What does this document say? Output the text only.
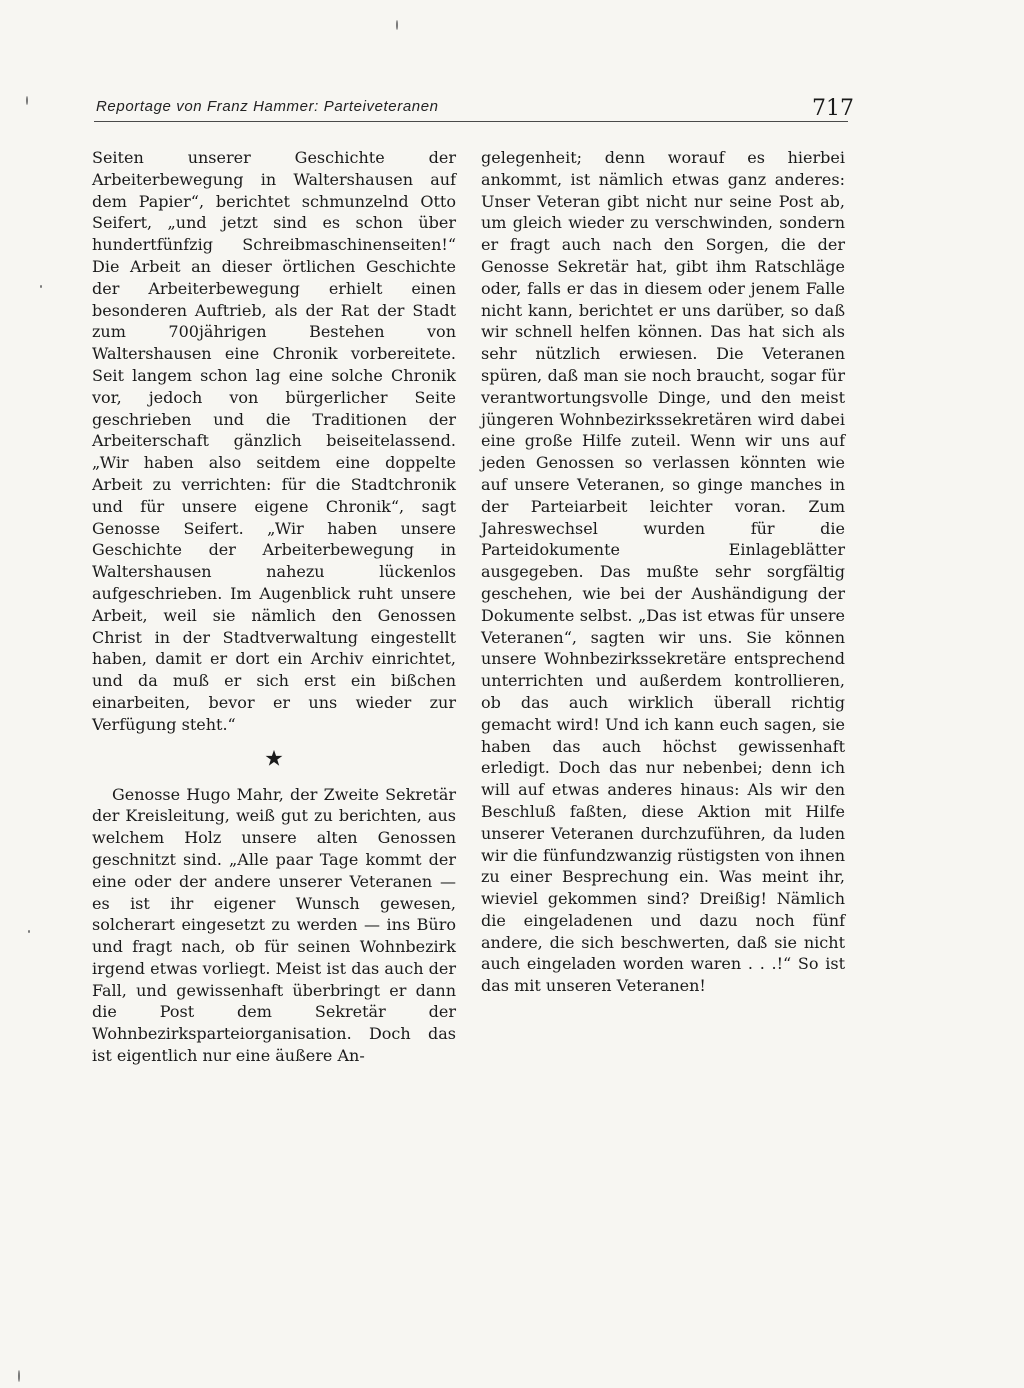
Reportage von Franz Hammer: Parteiveteranen	717

Seiten unserer Geschichte der Arbeiterbewegung in Waltershausen auf dem Papier“, berichtet schmunzelnd Otto Seifert, „und jetzt sind es schon über hundertfünfzig Schreibmaschinenseiten!“ Die Arbeit an dieser örtlichen Geschichte der Arbeiterbewegung erhielt einen besonderen Auftrieb, als der Rat der Stadt zum 700jährigen Bestehen von Waltershausen eine Chronik vorbereitete. Seit langem schon lag eine solche Chronik vor, jedoch von bürgerlicher Seite geschrieben und die Traditionen der Arbeiterschaft gänzlich beiseitelassend. „Wir haben also seitdem eine doppelte Arbeit zu verrichten: für die Stadtchronik und für unsere eigene Chronik“, sagt Genosse Seifert. „Wir haben unsere Geschichte der Arbeiterbewegung in Waltershausen nahezu lückenlos aufgeschrieben. Im Augenblick ruht unsere Arbeit, weil sie nämlich den Genossen Christ in der Stadtverwaltung eingestellt haben, damit er dort ein Archiv einrichtet, und da muß er sich erst ein bißchen einarbeiten, bevor er uns wieder zur Verfügung steht.“

Genosse Hugo Mahr, der Zweite Sekretär der Kreisleitung, weiß gut zu berichten, aus welchem Holz unsere alten Genossen geschnitzt sind. „Alle paar Tage kommt der eine oder der andere unserer Veteranen — es ist ihr eigener Wunsch gewesen, solcherart eingesetzt zu werden — ins Büro und fragt nach, ob für seinen Wohnbezirk irgend etwas vorliegt. Meist ist das auch der Fall, und gewissenhaft überbringt er dann die Post dem Sekretär der Wohnbezirksparteiorganisation. Doch das ist eigentlich nur eine äußere An-

gelegenheit; denn worauf es hierbei ankommt, ist nämlich etwas ganz anderes: Unser Veteran gibt nicht nur seine Post ab, um gleich wieder zu verschwinden, sondern er fragt auch nach den Sorgen, die der Genosse Sekretär hat, gibt ihm Ratschläge oder, falls er das in diesem oder jenem Falle nicht kann, berichtet er uns darüber, so daß wir schnell helfen können. Das hat sich als sehr nützlich erwiesen. Die Veteranen spüren, daß man sie noch braucht, sogar für verantwortungsvolle Dinge, und den meist jüngeren Wohnbezirkssekretären wird dabei eine große Hilfe zuteil. Wenn wir uns auf jeden Genossen so verlassen könnten wie auf unsere Veteranen, so ginge manches in der Parteiarbeit leichter voran. Zum Jahreswechsel wurden für die Parteidokumente Einlageblätter ausgegeben. Das mußte sehr sorgfältig geschehen, wie bei der Aushändigung der Dokumente selbst. „Das ist etwas für unsere Veteranen“, sagten wir uns. Sie können unsere Wohnbezirkssekretäre entsprechend unterrichten und außerdem kontrollieren, ob das auch wirklich überall richtig gemacht wird! Und ich kann euch sagen, sie haben das auch höchst gewissenhaft erledigt. Doch das nur nebenbei; denn ich will auf etwas anderes hinaus: Als wir den Beschluß faßten, diese Aktion mit Hilfe unserer Veteranen durchzuführen, da luden wir die fünfundzwanzig rüstigsten von ihnen zu einer Besprechung ein. Was meint ihr, wieviel gekommen sind? Dreißig! Nämlich die eingeladenen und dazu noch fünf andere, die sich beschwerten, daß sie nicht auch eingeladen worden waren . . .!“ So ist das mit unseren Veteranen!
